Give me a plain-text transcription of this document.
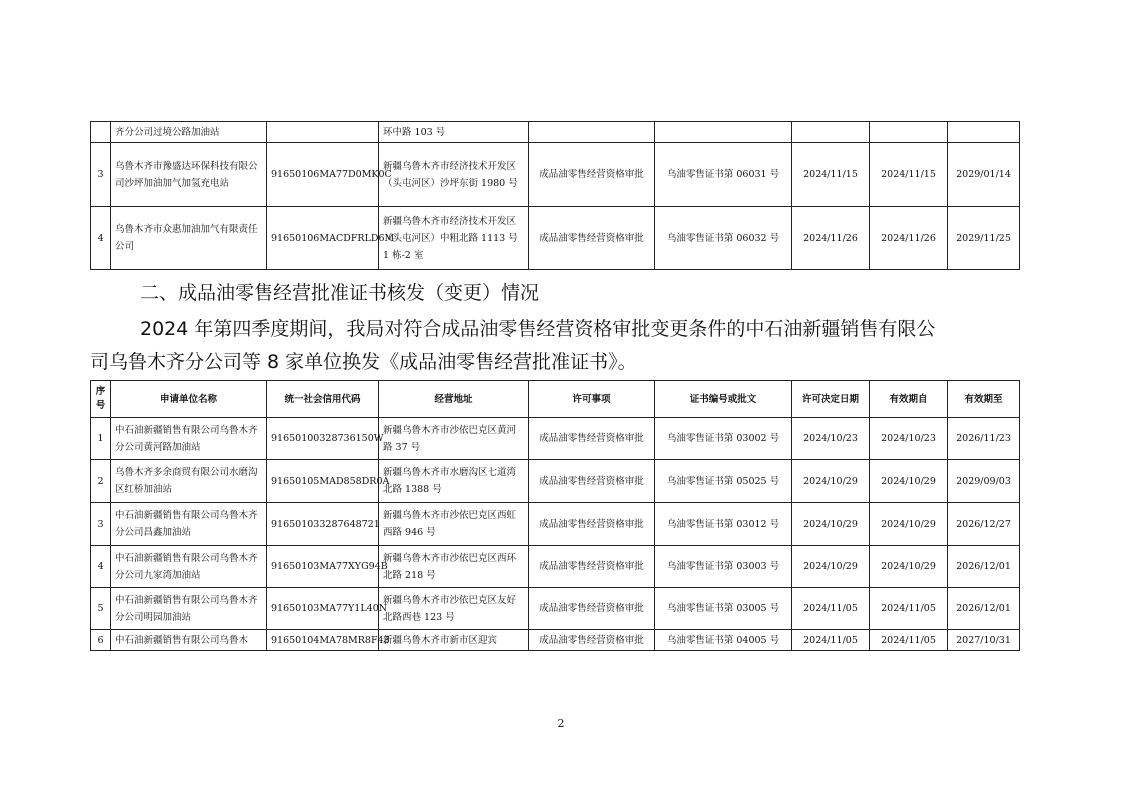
	齐分公司过境公路加油站		环中路 103 号					
3	乌鲁木齐市豫盛达环保科技有限公司沙坪加油加气加氢充电站	91650106MA77D0MK0C	新疆乌鲁木齐市经济技术开发区（头屯河区）沙坪东街 1980 号	成品油零售经营资格审批	乌油零售证书第 06031 号	2024/11/15	2024/11/15	2029/01/14
4	乌鲁木齐市众惠加油加气有限责任公司	91650106MACDFRLD6M	新疆乌鲁木齐市经济技术开发区（头屯河区）中粗北路 1113 号 1 栋-2 室	成品油零售经营资格审批	乌油零售证书第 06032 号	2024/11/26	2024/11/26	2029/11/25
二、成品油零售经营批准证书核发（变更）情况
2024 年第四季度期间，我局对符合成品油零售经营资格审批变更条件的中石油新疆销售有限公
司乌鲁木齐分公司等 8 家单位换发《成品油零售经营批准证书》。
序号	申请单位名称	统一社会信用代码	经营地址	许可事项	证书编号或批文	许可决定日期	有效期自	有效期至
1	中石油新疆销售有限公司乌鲁木齐分公司黄河路加油站	91650100328736150W	新疆乌鲁木齐市沙依巴克区黄河路 37 号	成品油零售经营资格审批	乌油零售证书第 03002 号	2024/10/23	2024/10/23	2026/11/23
2	乌鲁木齐多余商贸有限公司水磨沟区红桥加油站	91650105MAD858DR0A	新疆乌鲁木齐市水磨沟区七道湾北路 1388 号	成品油零售经营资格审批	乌油零售证书第 05025 号	2024/10/29	2024/10/29	2029/09/03
3	中石油新疆销售有限公司乌鲁木齐分公司昌鑫加油站	916501033287648721	新疆乌鲁木齐市沙依巴克区西虹西路 946 号	成品油零售经营资格审批	乌油零售证书第 03012 号	2024/10/29	2024/10/29	2026/12/27
4	中石油新疆销售有限公司乌鲁木齐分公司九家湾加油站	91650103MA77XYG94B	新疆乌鲁木齐市沙依巴克区西环北路 218 号	成品油零售经营资格审批	乌油零售证书第 03003 号	2024/10/29	2024/10/29	2026/12/01
5	中石油新疆销售有限公司乌鲁木齐分公司明园加油站	91650103MA77Y1L40N	新疆乌鲁木齐市沙依巴克区友好北路西巷 123 号	成品油零售经营资格审批	乌油零售证书第 03005 号	2024/11/05	2024/11/05	2026/12/01
6	中石油新疆销售有限公司乌鲁木	91650104MA78MR8F43	新疆乌鲁木齐市新市区迎宾	成品油零售经营资格审批	乌油零售证书第 04005 号	2024/11/05	2024/11/05	2027/10/31
2
